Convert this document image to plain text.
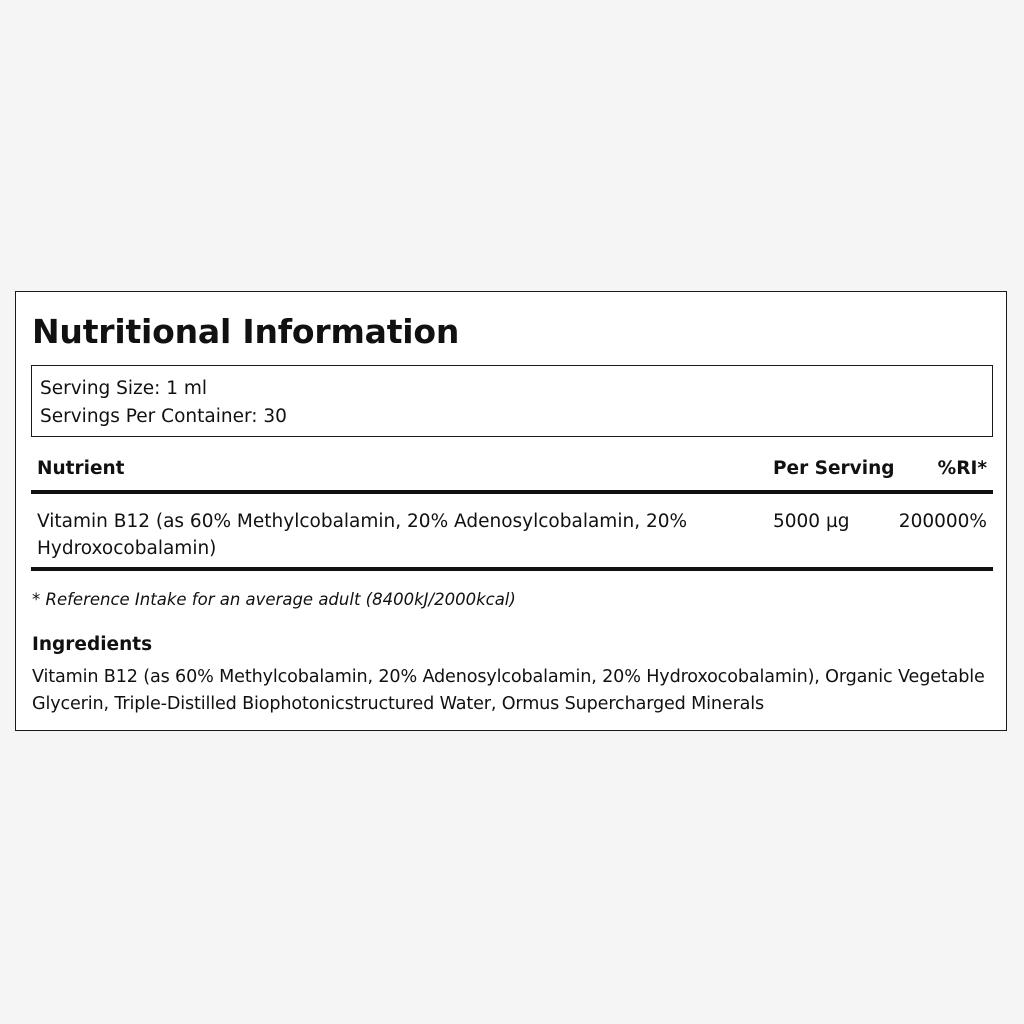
Nutritional Information
Serving Size: 1 ml
Servings Per Container: 30
Nutrient	Per Serving %RI*
Vitamin B12 (as 60% Methylcobalamin, 20% Adenosylcobalamin, 20% Hydroxocobalamin)
5000 µg	200000%
* Reference Intake for an average adult (8400kJ/2000kcal)
Ingredients
Vitamin B12 (as 60% Methylcobalamin, 20% Adenosylcobalamin, 20% Hydroxocobalamin), Organic Vegetable Glycerin, Triple-Distilled Biophotonicstructured Water, Ormus Supercharged Minerals
